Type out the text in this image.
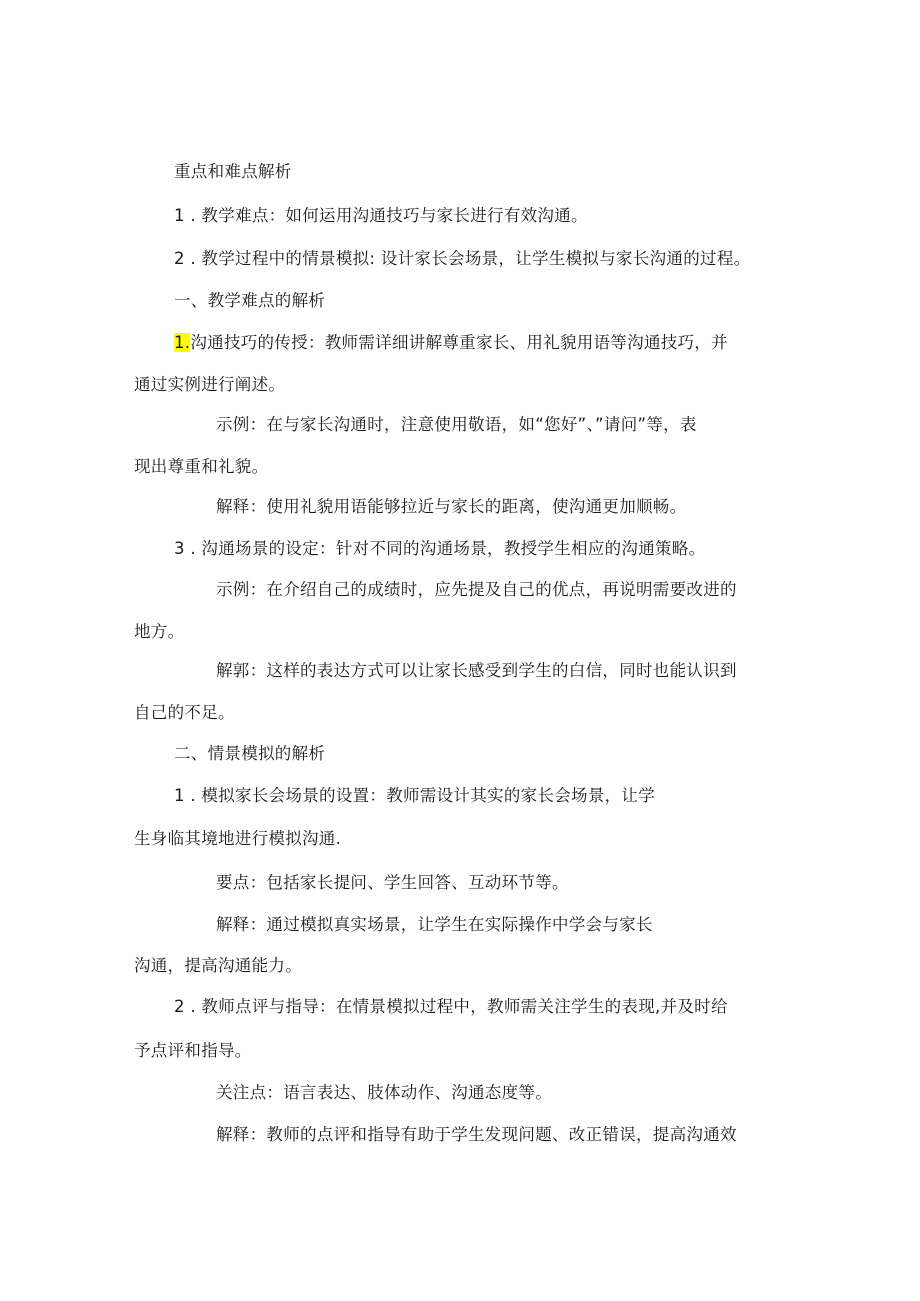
重点和难点解析
1 . 教学难点：如何运用沟通技巧与家长进行有效沟通。
2 . 教学过程中的情景模拟: 设计家长会场景，让学生模拟与家长沟通的过程。
一、教学难点的解析
1.沟通技巧的传授：教师需详细讲解尊重家长、用礼貌用语等沟通技巧，并
通过实例进行阐述。
示例：在与家长沟通时，注意使用敬语，如“您好”、”请问”等，表
现出尊重和礼貌。
解释：使用礼貌用语能够拉近与家长的距离，使沟通更加顺畅。
3 . 沟通场景的设定：针对不同的沟通场景，教授学生相应的沟通策略。
示例：在介绍自己的成绩时，应先提及自己的优点，再说明需要改进的
地方。
解郭：这样的表达方式可以让家长感受到学生的白信，同时也能认识到
自己的不足。
二、情景模拟的解析
1 . 模拟家长会场景的设置：教师需设计其实的家长会场景，让学
生身临其境地进行模拟沟通.
要点：包括家长提问、学生回答、互动环节等。
解释：通过模拟真实场景，让学生在实际操作中学会与家长
沟通，提高沟通能力。
2 . 教师点评与指导：在情景模拟过程中，教师需关注学生的表现,并及时给
予点评和指导。
关注点：语言表达、肢体动作、沟通态度等。
解释：教师的点评和指导有助于学生发现问题、改正错误，提高沟通效
